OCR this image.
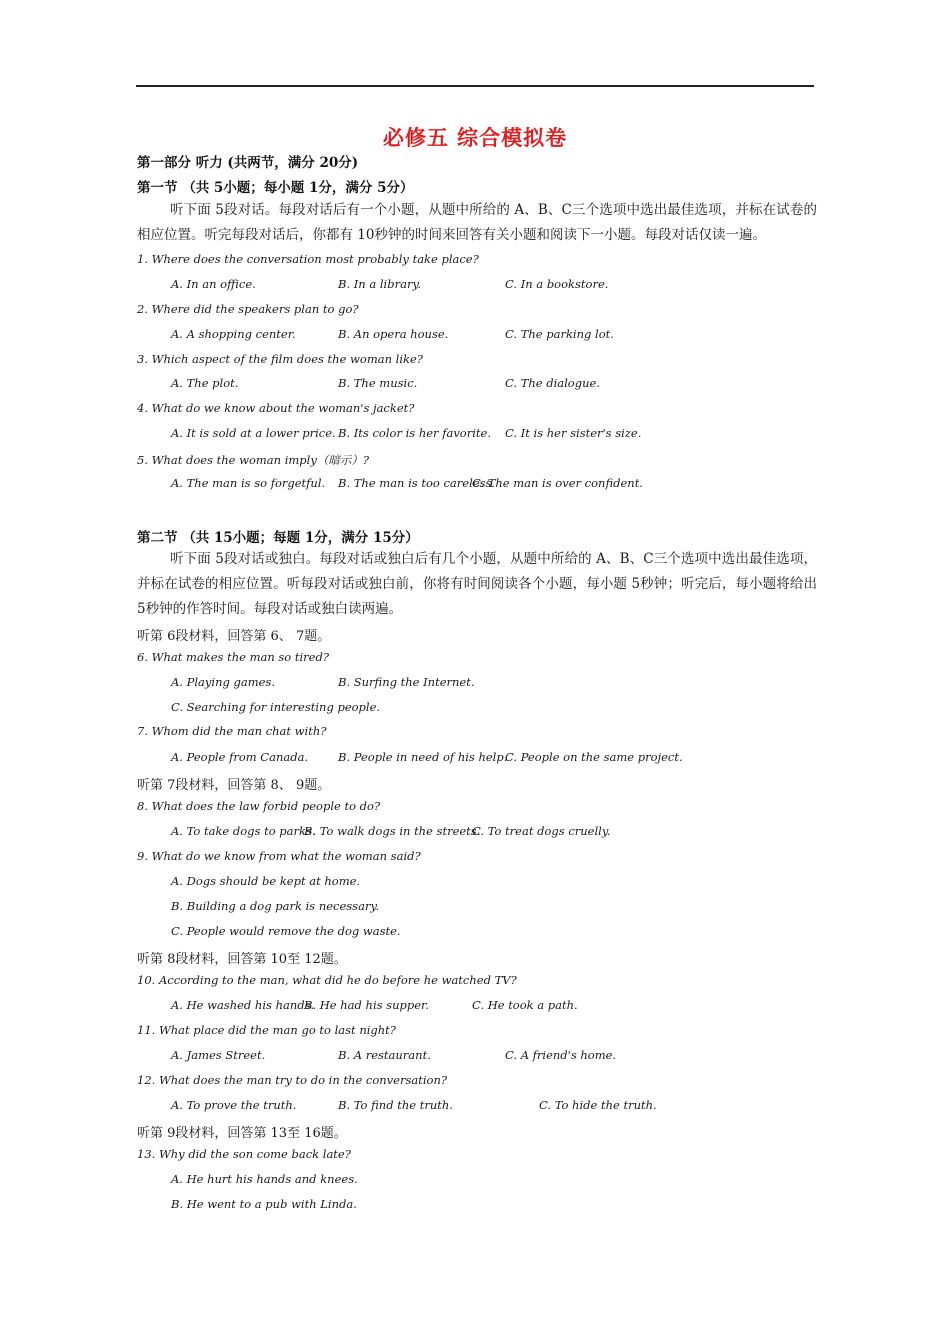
必修五 综合模拟卷
第一部分 听力 (共两节，满分 20分)
第一节 （共 5小题；每小题 1分，满分 5分）
听下面 5段对话。每段对话后有一个小题，从题中所给的 A、B、C三个选项中选出最佳选项，并标在试卷的相应位置。听完每段对话后，你都有 10秒钟的时间来回答有关小题和阅读下一小题。每段对话仅读一遍。
1. Where does the conversation most probably take place?
A. In an office.	B. In a library.	C. In a bookstore.
2. Where did the speakers plan to go?
A. A shopping center.	B. An opera house.	C. The parking lot.
3. Which aspect of the film does the woman like?
A. The plot.	B. The music.	C. The dialogue.
4. What do we know about the woman's jacket?
A. It is sold at a lower price. B. Its color is her favorite. C. It is her sister's size.
5. What does the woman imply（暗示）?
A. The man is so forgetful. B. The man is too careless.
C. The man is over confident.
第二节 （共 15小题；每题 1分，满分 15分）
听下面 5段对话或独白。每段对话或独白后有几个小题，从题中所给的 A、B、C三个选项中选出最佳选项，并标在试卷的相应位置。听每段对话或独白前，你将有时间阅读各个小题，每小题 5秒钟；听完后，每小题将给出 5秒钟的作答时间。每段对话或独白读两遍。
听第 6段材料，回答第 6、 7题。
6. What makes the man so tired?
A. Playing games.	B. Surfing the Internet.
C. Searching for interesting people.
7. Whom did the man chat with?
A. People from Canada.	B. People in need of his help.
C. People on the same project.
听第 7段材料，回答第 8、 9题。
8. What does the law forbid people to do?
A. To take dogs to parks.
B. To walk dogs in the streets.
C. To treat dogs cruelly.
9. What do we know from what the woman said?
A. Dogs should be kept at home.
B. Building a dog park is necessary.
C. People would remove the dog waste.
听第 8段材料，回答第 10至 12题。
10. According to the man, what did he do before he watched TV?
A. He washed his hands.
B. He had his supper.	C. He took a path.
11. What place did the man go to last night?
A. James Street.	B. A restaurant.	C. A friend's home.
12. What does the man try to do in the conversation?
A. To prove the truth.	B. To find the truth.	C. To hide the truth.
听第 9段材料，回答第 13至 16题。
13. Why did the son come back late?
A. He hurt his hands and knees.
B. He went to a pub with Linda.
